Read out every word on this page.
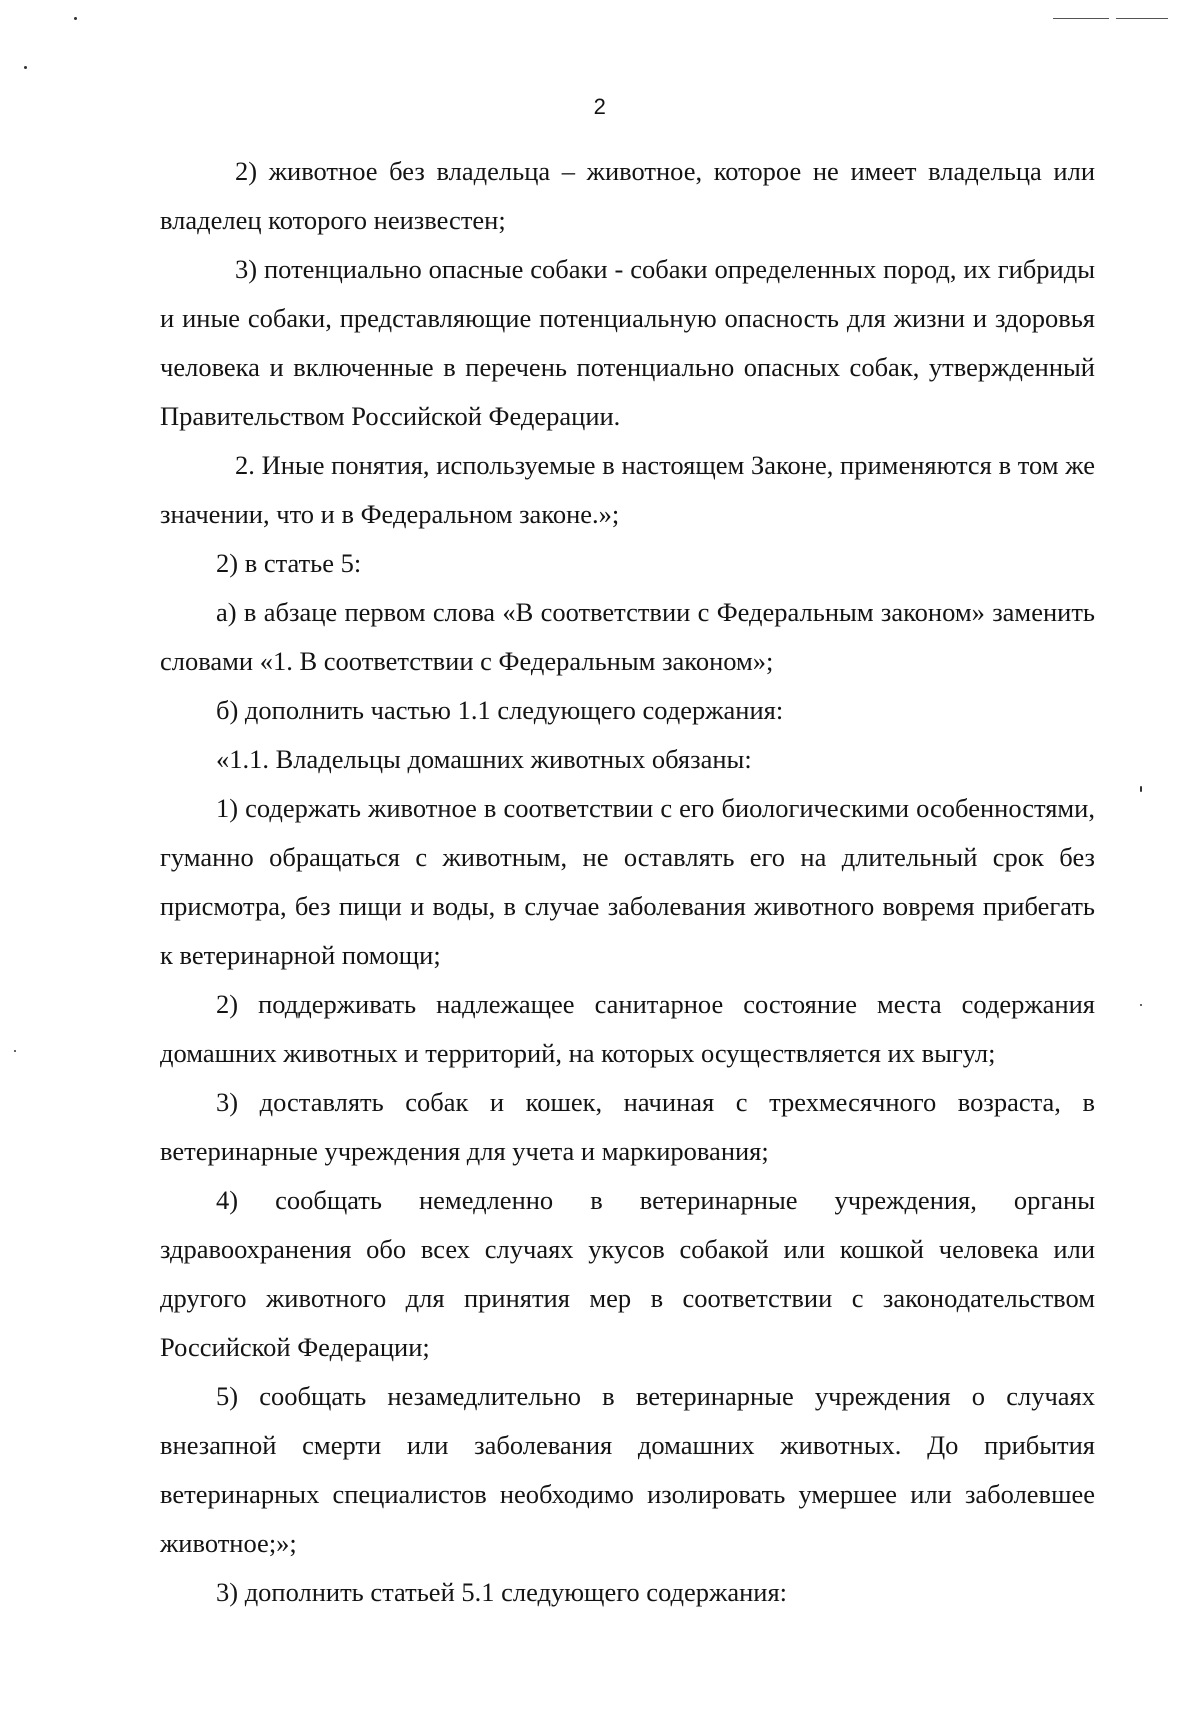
2

2) животное без владельца – животное, которое не имеет владельца или владелец которого неизвестен;

3) потенциально опасные собаки - собаки определенных пород, их гибриды и иные собаки, представляющие потенциальную опасность для жизни и здоровья человека и включенные в перечень потенциально опасных собак, утвержденный Правительством Российской Федерации.

2. Иные понятия, используемые в настоящем Законе, применяются в том же значении, что и в Федеральном законе.»;

2) в статье 5:

а) в абзаце первом слова «В соответствии с Федеральным законом» заменить словами «1. В соответствии с Федеральным законом»;

б) дополнить частью 1.1 следующего содержания:

«1.1. Владельцы домашних животных обязаны:

1) содержать животное в соответствии с его биологическими особенностями, гуманно обращаться с животным, не оставлять его на длительный срок без присмотра, без пищи и воды, в случае заболевания животного вовремя прибегать к ветеринарной помощи;

2) поддерживать надлежащее санитарное состояние места содержания домашних животных и территорий, на которых осуществляется их выгул;

3) доставлять собак и кошек, начиная с трехмесячного возраста, в ветеринарные учреждения для учета и маркирования;

4) сообщать немедленно в ветеринарные учреждения, органы здравоохранения обо всех случаях укусов собакой или кошкой человека или другого животного для принятия мер в соответствии с законодательством Российской Федерации;

5) сообщать незамедлительно в ветеринарные учреждения о случаях внезапной смерти или заболевания домашних животных. До прибытия ветеринарных специалистов необходимо изолировать умершее или заболевшее животное;»;

3) дополнить статьей 5.1 следующего содержания:
